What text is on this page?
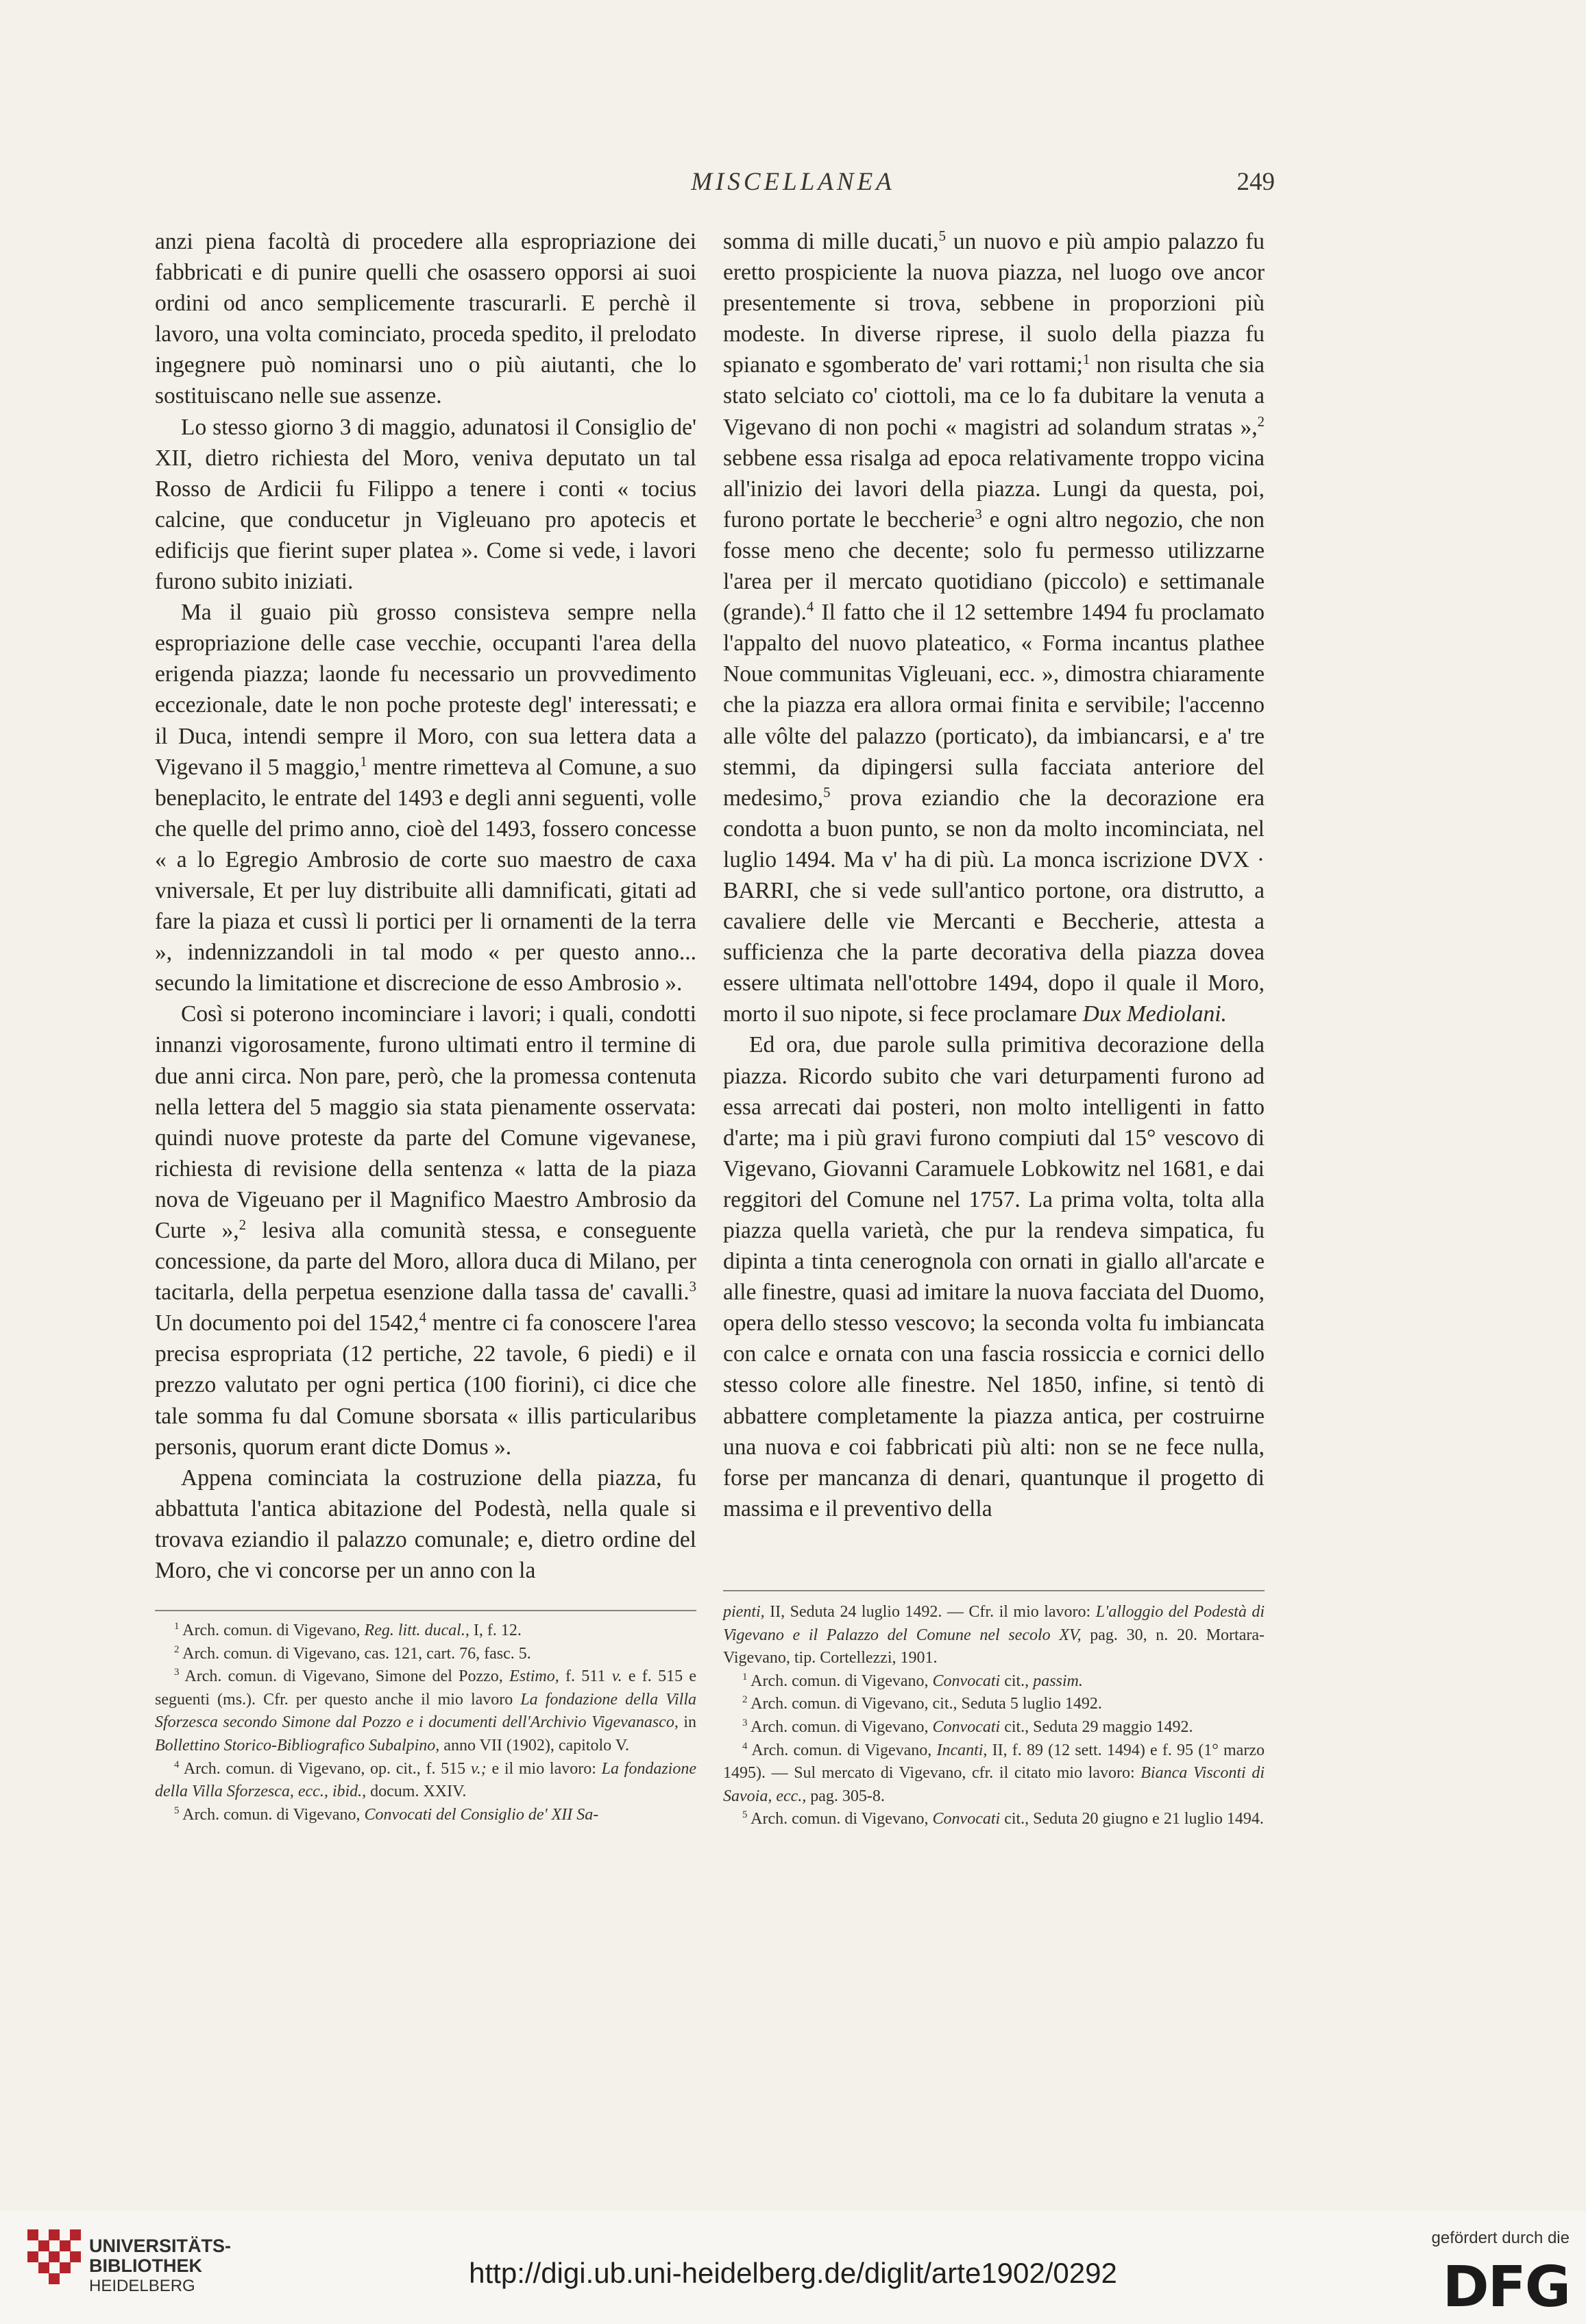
MISCELLANEA	249

anzi piena facoltà di procedere alla espropriazione dei fabbricati e di punire quelli che osassero opporsi ai suoi ordini od anco semplicemente trascurarli. E perchè il lavoro, una volta cominciato, proceda spedito, il prelodato ingegnere può nominarsi uno o più aiutanti, che lo sostituiscano nelle sue assenze.

Lo stesso giorno 3 di maggio, adunatosi il Consiglio de' XII, dietro richiesta del Moro, veniva deputato un tal Rosso de Ardicii fu Filippo a tenere i conti « tocius calcine, que conducetur jn Vigleuano pro apotecis et edificijs que fierint super platea ». Come si vede, i lavori furono subito iniziati.

Ma il guaio più grosso consisteva sempre nella espropriazione delle case vecchie, occupanti l'area della erigenda piazza; laonde fu necessario un provvedimento eccezionale, date le non poche proteste degl' interessati; e il Duca, intendi sempre il Moro, con sua lettera data a Vigevano il 5 maggio,$^1$ mentre rimetteva al Comune, a suo beneplacito, le entrate del 1493 e degli anni seguenti, volle che quelle del primo anno, cioè del 1493, fossero concesse « a lo Egregio Ambrosio de corte suo maestro de caxa vniversale, Et per luy distribuite alli damnificati, gitati ad fare la piaza et cussì li portici per li ornamenti de la terra », indennizzandoli in tal modo « per questo anno... secundo la limitatione et discrecione de esso Ambrosio ».

Così si poterono incominciare i lavori; i quali, condotti innanzi vigorosamente, furono ultimati entro il termine di due anni circa. Non pare, però, che la promessa contenuta nella lettera del 5 maggio sia stata pienamente osservata: quindi nuove proteste da parte del Comune vigevanese, richiesta di revisione della sentenza « latta de la piaza nova de Vigeuano per il Magnifico Maestro Ambrosio da Curte »,$^2$ lesiva alla comunità stessa, e conseguente concessione, da parte del Moro, allora duca di Milano, per tacitarla, della perpetua esenzione dalla tassa de' cavalli.$^3$ Un documento poi del 1542,$^4$ mentre ci fa conoscere l'area precisa espropriata (12 pertiche, 22 tavole, 6 piedi) e il prezzo valutato per ogni pertica (100 fiorini), ci dice che tale somma fu dal Comune sborsata « illis particularibus personis, quorum erant dicte Domus ».

Appena cominciata la costruzione della piazza, fu abbattuta l'antica abitazione del Podestà, nella quale si trovava eziandio il palazzo comunale; e, dietro ordine del Moro, che vi concorse per un anno con la

somma di mille ducati,$^5$ un nuovo e più ampio palazzo fu eretto prospiciente la nuova piazza, nel luogo ove ancor presentemente si trova, sebbene in proporzioni più modeste. In diverse riprese, il suolo della piazza fu spianato e sgomberato de' vari rottami;$^1$ non risulta che sia stato selciato co' ciottoli, ma ce lo fa dubitare la venuta a Vigevano di non pochi « magistri ad solandum stratas »,$^2$ sebbene essa risalga ad epoca relativamente troppo vicina all'inizio dei lavori della piazza. Lungi da questa, poi, furono portate le beccherie$^3$ e ogni altro negozio, che non fosse meno che decente; solo fu permesso utilizzarne l'area per il mercato quotidiano (piccolo) e settimanale (grande).$^4$ Il fatto che il 12 settembre 1494 fu proclamato l'appalto del nuovo plateatico, « Forma incantus plathee Noue communitas Vigleuani, ecc. », dimostra chiaramente che la piazza era allora ormai finita e servibile; l'accenno alle vôlte del palazzo (porticato), da imbiancarsi, e a' tre stemmi, da dipingersi sulla facciata anteriore del medesimo,$^5$ prova eziandio che la decorazione era condotta a buon punto, se non da molto incominciata, nel luglio 1494. Ma v' ha di più. La monca iscrizione DVX · BARRI, che si vede sull'antico portone, ora distrutto, a cavaliere delle vie Mercanti e Beccherie, attesta a sufficienza che la parte decorativa della piazza dovea essere ultimata nell'ottobre 1494, dopo il quale il Moro, morto il suo nipote, si fece proclamare Dux Mediolani.

Ed ora, due parole sulla primitiva decorazione della piazza. Ricordo subito che vari deturpamenti furono ad essa arrecati dai posteri, non molto intelligenti in fatto d'arte; ma i più gravi furono compiuti dal 15° vescovo di Vigevano, Giovanni Caramuele Lobkowitz nel 1681, e dai reggitori del Comune nel 1757. La prima volta, tolta alla piazza quella varietà, che pur la rendeva simpatica, fu dipinta a tinta cenerognola con ornati in giallo all'arcate e alle finestre, quasi ad imitare la nuova facciata del Duomo, opera dello stesso vescovo; la seconda volta fu imbiancata con calce e ornata con una fascia rossiccia e cornici dello stesso colore alle finestre. Nel 1850, infine, si tentò di abbattere completamente la piazza antica, per costruirne una nuova e coi fabbricati più alti: non se ne fece nulla, forse per mancanza di denari, quantunque il progetto di massima e il preventivo della

$^1$ Arch. comun. di Vigevano, Reg. litt. ducal., I, f. 12.

$^2$ Arch. comun. di Vigevano, cas. 121, cart. 76, fasc. 5.

$^3$ Arch. comun. di Vigevano, Simone del Pozzo, Estimo, f. 511 v. e f. 515 e seguenti (ms.). Cfr. per questo anche il mio lavoro La fondazione della Villa Sforzesca secondo Simone dal Pozzo e i documenti dell'Archivio Vigevanasco, in Bollettino Storico-Bibliografico Subalpino, anno VII (1902), capitolo V.

$^4$ Arch. comun. di Vigevano, op. cit., f. 515 v.; e il mio lavoro: La fondazione della Villa Sforzesca, ecc., ibid., docum. XXIV.

$^5$ Arch. comun. di Vigevano, Convocati del Consiglio de' XII Sa-

pienti, II, Seduta 24 luglio 1492. — Cfr. il mio lavoro: L'alloggio del Podestà di Vigevano e il Palazzo del Comune nel secolo XV, pag. 30, n. 20. Mortara-Vigevano, tip. Cortellezzi, 1901.

$^1$ Arch. comun. di Vigevano, Convocati cit., passim.

$^2$ Arch. comun. di Vigevano, cit., Seduta 5 luglio 1492.

$^3$ Arch. comun. di Vigevano, Convocati cit., Seduta 29 maggio 1492.

$^4$ Arch. comun. di Vigevano, Incanti, II, f. 89 (12 sett. 1494) e f. 95 (1° marzo 1495). — Sul mercato di Vigevano, cfr. il citato mio lavoro: Bianca Visconti di Savoia, ecc., pag. 305-8.

$^5$ Arch. comun. di Vigevano, Convocati cit., Seduta 20 giugno e 21 luglio 1494.

UNIVERSITÄTS-
BIBLIOTHEK
HEIDELBERG	http://digi.ub.uni-heidelberg.de/diglit/arte1902/0292
gefördert durch die
DFG
